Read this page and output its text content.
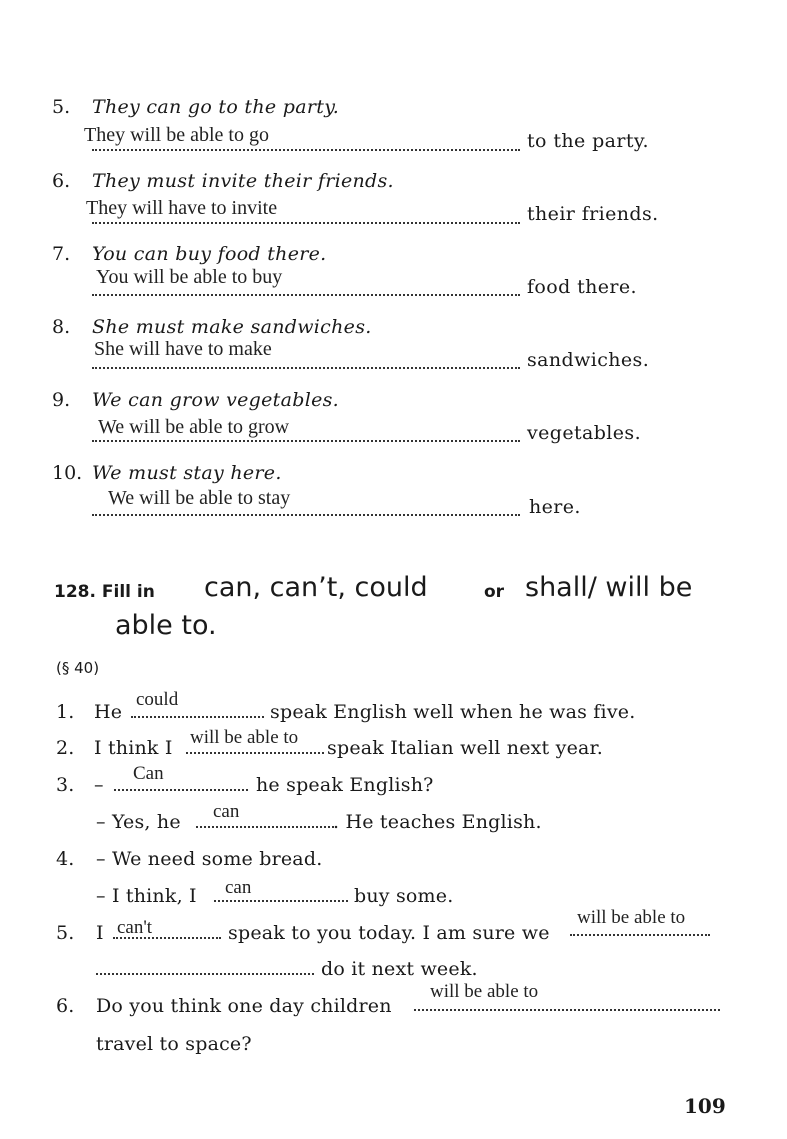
5. They can go to the party.
They will be able to go	to the party.
6. They must invite their friends.
They will have to invite	their friends.
7. You can buy food there.
You will be able to buy	food there.
8. She must make sandwiches.
She will have to make	sandwiches.
9. We can grow vegetables.
We will be able to grow	vegetables.
10. We must stay here.
We will be able to stay	here.
128. Fill in can, can’t, could	or shall/ will be
able to.
(§ 40)
1. He
could
speak English well when he was five.
2. I think I will be able to speak Italian well next year.
3. –
Can
he speak English?
– Yes, he can	. He teaches English.
4. – We need some bread.
– I think, I can	buy some.
5. I can't	speak to you today. I am sure we
will be able to
do it next week.
6. Do you think one day children
will be able to
travel to space?
109
